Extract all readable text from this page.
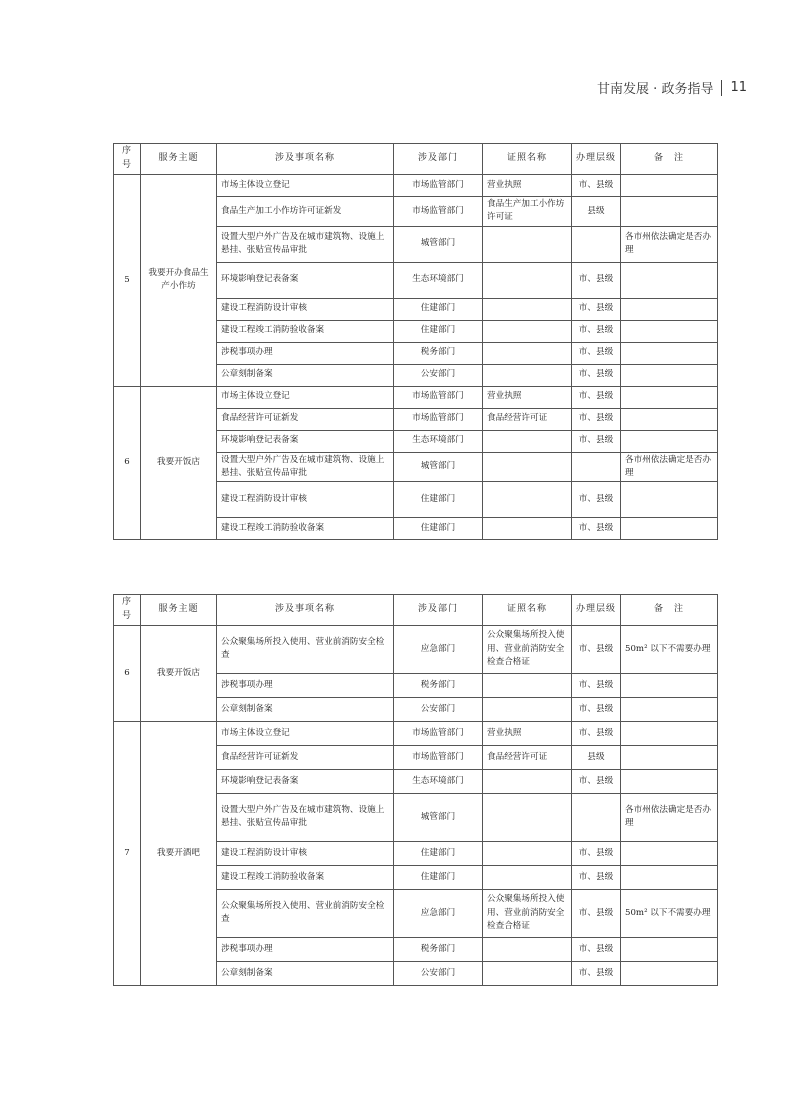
甘南发展 · 政务指导 11
序号	服务主题	涉及事项名称	涉及部门	证照名称	办理层级	备　注
5	我要开办食品生产小作坊	市场主体设立登记	市场监管部门	营业执照	市、县级	
		食品生产加工小作坊许可证新发	市场监管部门	食品生产加工小作坊许可证	县级	
		设置大型户外广告及在城市建筑物、设施上悬挂、张贴宣传品审批	城管部门			各市州依法确定是否办理
		环境影响登记表备案	生态环境部门		市、县级	
		建设工程消防设计审核	住建部门		市、县级	
		建设工程竣工消防验收备案	住建部门		市、县级	
		涉税事项办理	税务部门		市、县级	
		公章刻制备案	公安部门		市、县级	
6	我要开饭店	市场主体设立登记	市场监管部门	营业执照	市、县级	
		食品经营许可证新发	市场监管部门	食品经营许可证	市、县级	
		环境影响登记表备案	生态环境部门		市、县级	
		设置大型户外广告及在城市建筑物、设施上悬挂、张贴宣传品审批	城管部门			各市州依法确定是否办理
		建设工程消防设计审核	住建部门		市、县级	
		建设工程竣工消防验收备案	住建部门		市、县级	
序号	服务主题	涉及事项名称	涉及部门	证照名称	办理层级	备　注
6	我要开饭店	公众聚集场所投入使用、营业前消防安全检查	应急部门	公众聚集场所投入使用、营业前消防安全检查合格证	市、县级	50m² 以下不需要办理
		涉税事项办理	税务部门		市、县级	
		公章刻制备案	公安部门		市、县级	
7	我要开酒吧	市场主体设立登记	市场监管部门	营业执照	市、县级	
		食品经营许可证新发	市场监管部门	食品经营许可证	县级	
		环境影响登记表备案	生态环境部门		市、县级	
		设置大型户外广告及在城市建筑物、设施上悬挂、张贴宣传品审批	城管部门			各市州依法确定是否办理
		建设工程消防设计审核	住建部门		市、县级	
		建设工程竣工消防验收备案	住建部门		市、县级	
		公众聚集场所投入使用、营业前消防安全检查	应急部门	公众聚集场所投入使用、营业前消防安全检查合格证	市、县级	50m² 以下不需要办理
		涉税事项办理	税务部门		市、县级	
		公章刻制备案	公安部门		市、县级	
